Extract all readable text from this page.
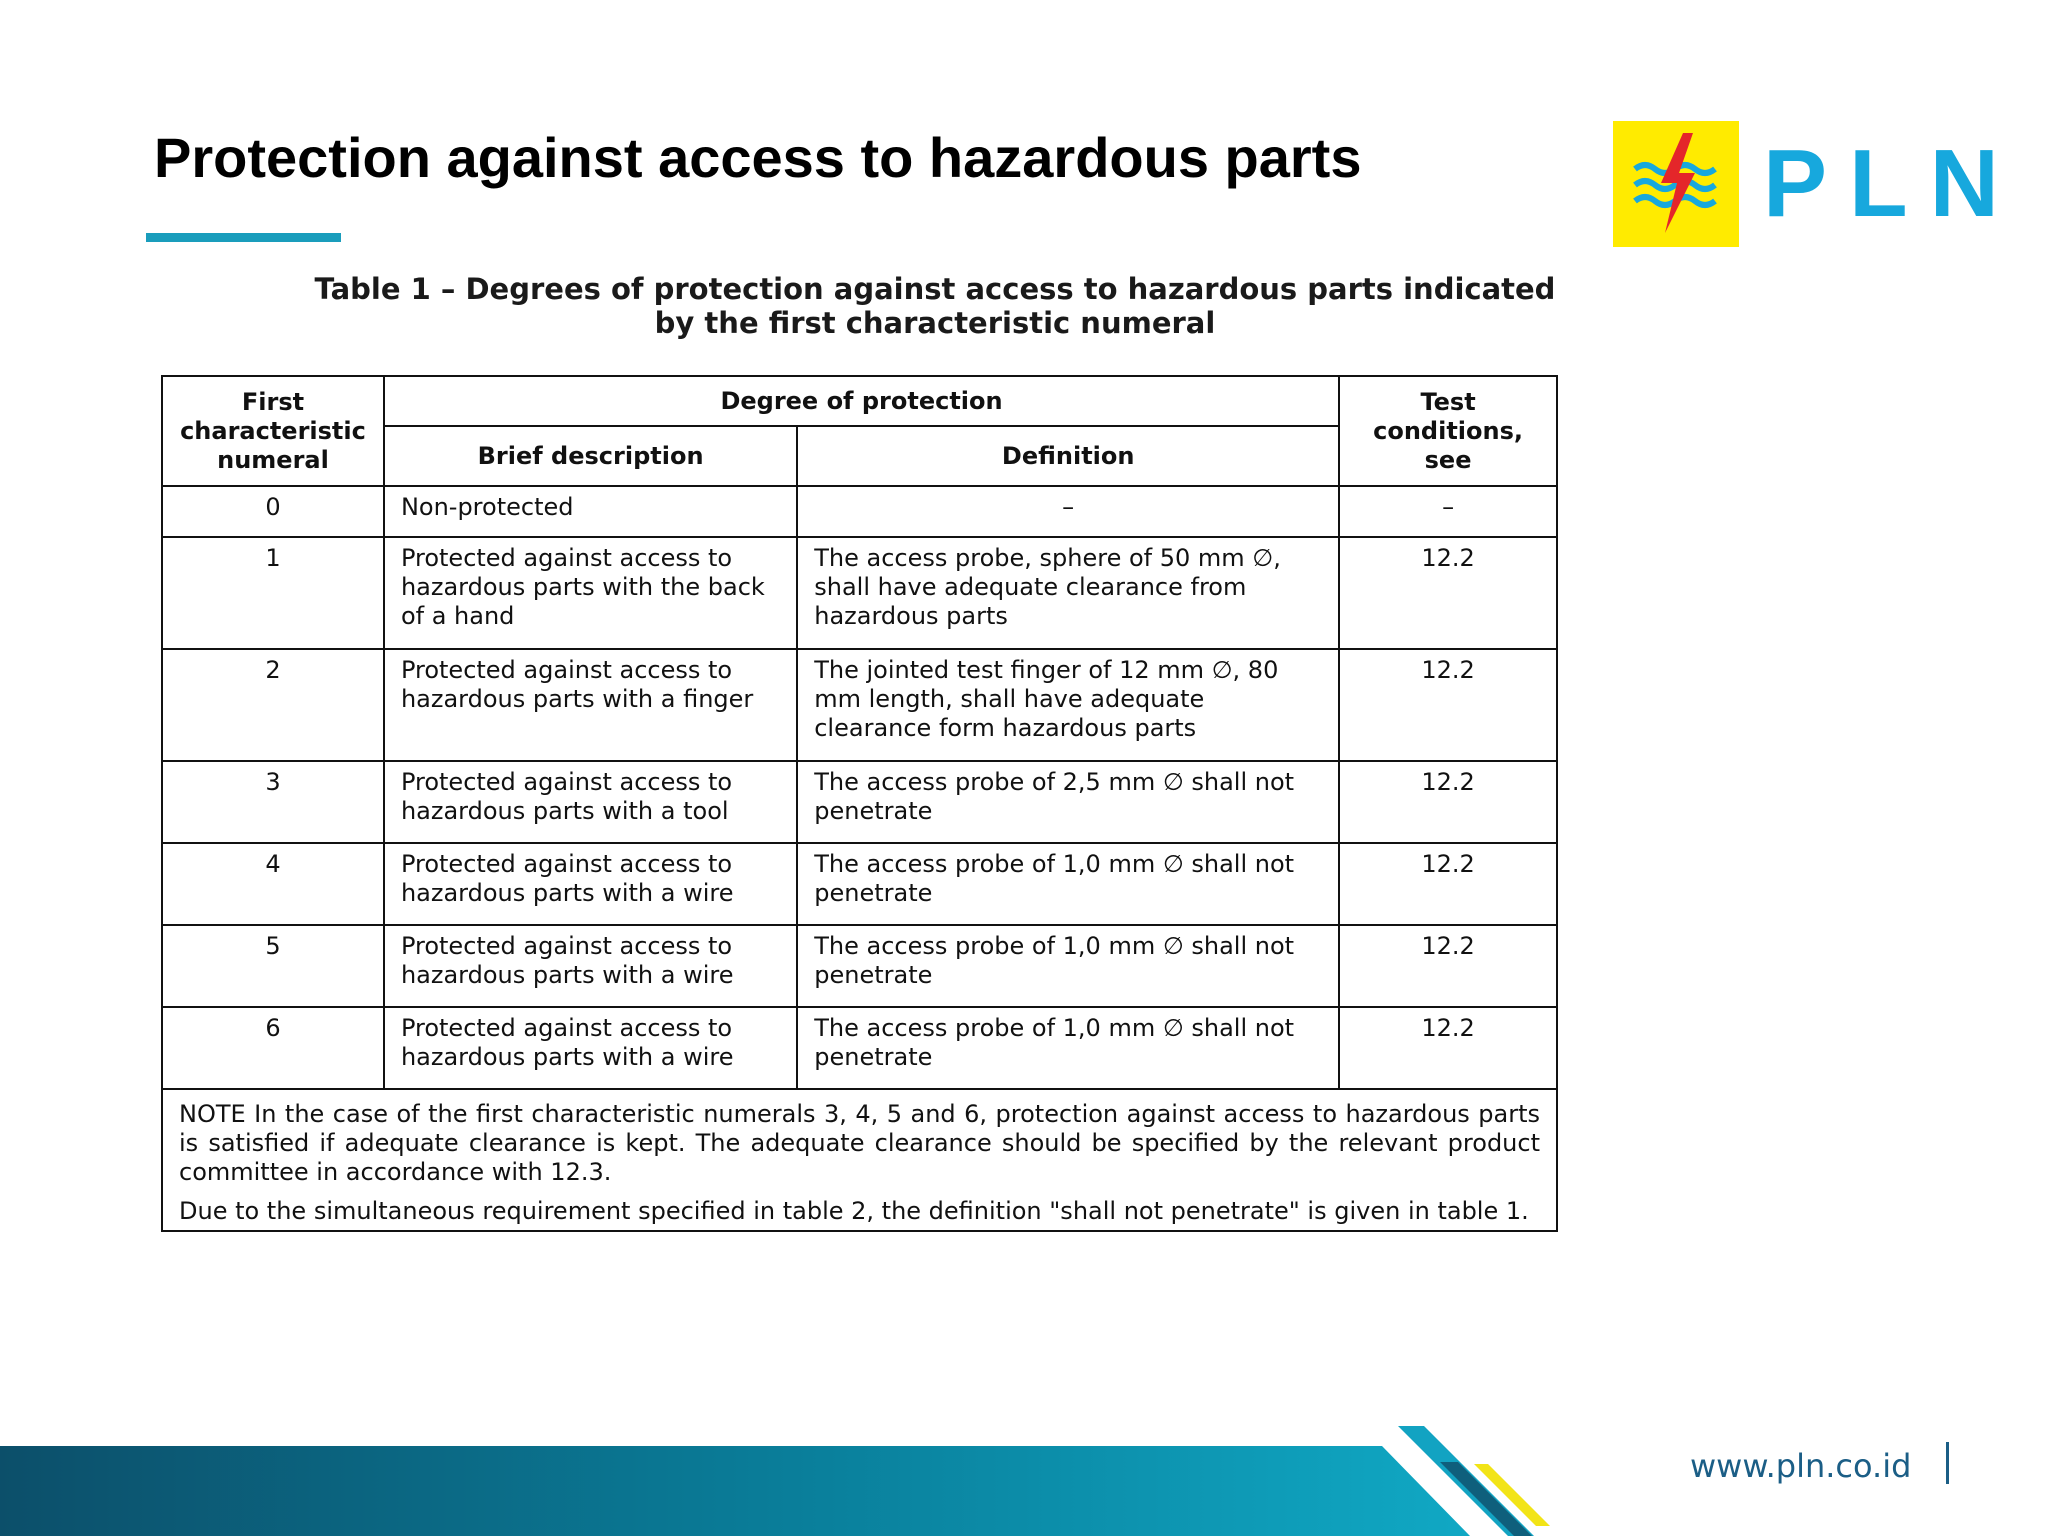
Protection against access to hazardous parts	PLN
Table 1 – Degrees of protection against access to hazardous parts indicated
by the first characteristic numeral
First characteristic numeral	Degree of protection		Test conditions, see
	Brief description	Definition	
0	Non-protected	–	–
1	Protected against access to hazardous parts with the back of a hand	The access probe, sphere of 50 mm ∅, shall have adequate clearance from hazardous parts	12.2
2	Protected against access to hazardous parts with a finger	The jointed test finger of 12 mm ∅, 80 mm length, shall have adequate clearance form hazardous parts	12.2
3	Protected against access to hazardous parts with a tool	The access probe of 2,5 mm ∅ shall not penetrate	12.2
4	Protected against access to hazardous parts with a wire	The access probe of 1,0 mm ∅ shall not penetrate	12.2
5	Protected against access to hazardous parts with a wire	The access probe of 1,0 mm ∅ shall not penetrate	12.2
6	Protected against access to hazardous parts with a wire	The access probe of 1,0 mm ∅ shall not penetrate	12.2

NOTE In the case of the first characteristic numerals 3, 4, 5 and 6, protection against access to hazardous parts is satisfied if adequate clearance is kept. The adequate clearance should be specified by the relevant product committee in accordance with 12.3.

Due to the simultaneous requirement specified in table 2, the definition "shall not penetrate" is given in table 1.			

www.pln.co.id
